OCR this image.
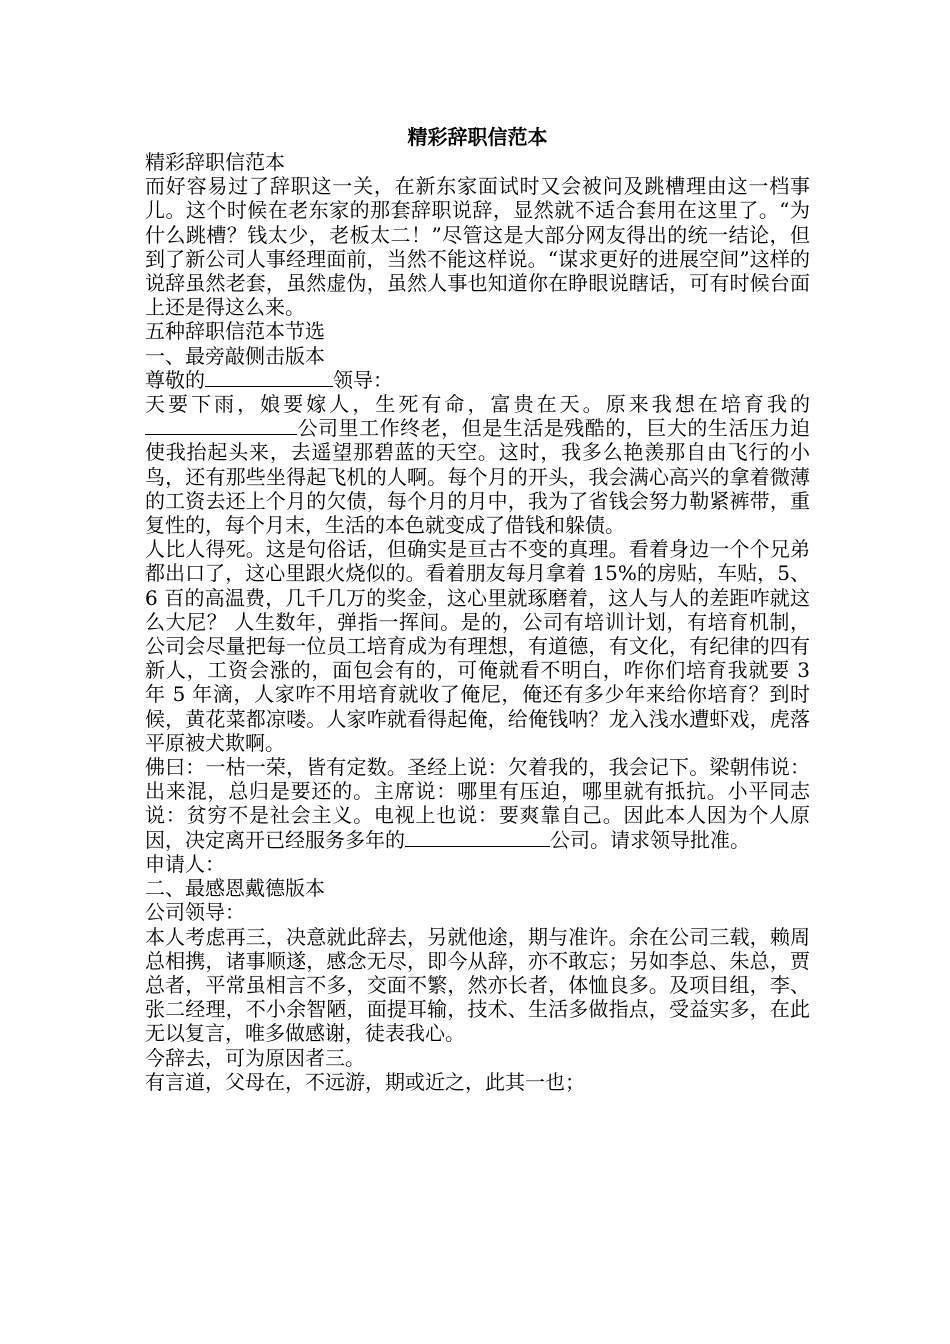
精彩辞职信范本

精彩辞职信范本

而好容易过了辞职这一关，在新东家面试时又会被问及跳槽理由这一档事儿。这个时候在老东家的那套辞职说辞，显然就不适合套用在这里了。“为什么跳槽？钱太少，老板太二！”尽管这是大部分网友得出的统一结论，但到了新公司人事经理面前，当然不能这样说。“谋求更好的进展空间”这样的说辞虽然老套，虽然虚伪，虽然人事也知道你在睁眼说瞎话，可有时候台面上还是得这么来。

五种辞职信范本节选

一、最旁敲侧击版本

尊敬的	领导：

天要下雨，娘要嫁人，生死有命，富贵在天。原来我想在培育我的公司里工作终老，但是生活是残酷的，巨大的生活压力迫使我抬起头来，去遥望那碧蓝的天空。这时，我多么艳羡那自由飞行的小鸟，还有那些坐得起飞机的人啊。每个月的开头，我会满心高兴的拿着微薄的工资去还上个月的欠债，每个月的月中，我为了省钱会努力勒紧裤带，重复性的，每个月末，生活的本色就变成了借钱和躲债。

人比人得死。这是句俗话，但确实是亘古不变的真理。看着身边一个个兄弟都出口了，这心里跟火烧似的。看着朋友每月拿着 15%的房贴，车贴，5、6 百的高温费，几千几万的奖金，这心里就琢磨着，这人与人的差距咋就这么大尼？ 人生数年，弹指一挥间。是的，公司有培训计划，有培育机制，公司会尽量把每一位员工培育成为有理想，有道德，有文化，有纪律的四有新人，工资会涨的，面包会有的，可俺就看不明白，咋你们培育我就要 3 年 5 年滴，人家咋不用培育就收了俺尼，俺还有多少年来给你培育？到时候，黄花菜都凉喽。人家咋就看得起俺，给俺钱呐？龙入浅水遭虾戏，虎落平原被犬欺啊。

佛曰：一枯一荣，皆有定数。圣经上说：欠着我的，我会记下。梁朝伟说：出来混，总归是要还的。主席说：哪里有压迫，哪里就有抵抗。小平同志说：贫穷不是社会主义。电视上也说：要爽靠自己。因此本人因为个人原因，决定离开已经服务多年的	公司。请求领导批准。

申请人：

二、最感恩戴德版本

公司领导：

本人考虑再三，决意就此辞去，另就他途，期与准许。余在公司三载，赖周总相携，诸事顺遂，感念无尽，即今从辞，亦不敢忘；另如李总、朱总，贾总者，平常虽相言不多，交面不繁，然亦长者，体恤良多。及项目组，李、张二经理，不小余智陋，面提耳输，技术、生活多做指点，受益实多，在此无以复言，唯多做感谢，徒表我心。

今辞去，可为原因者三。

有言道，父母在，不远游，期或近之，此其一也；
